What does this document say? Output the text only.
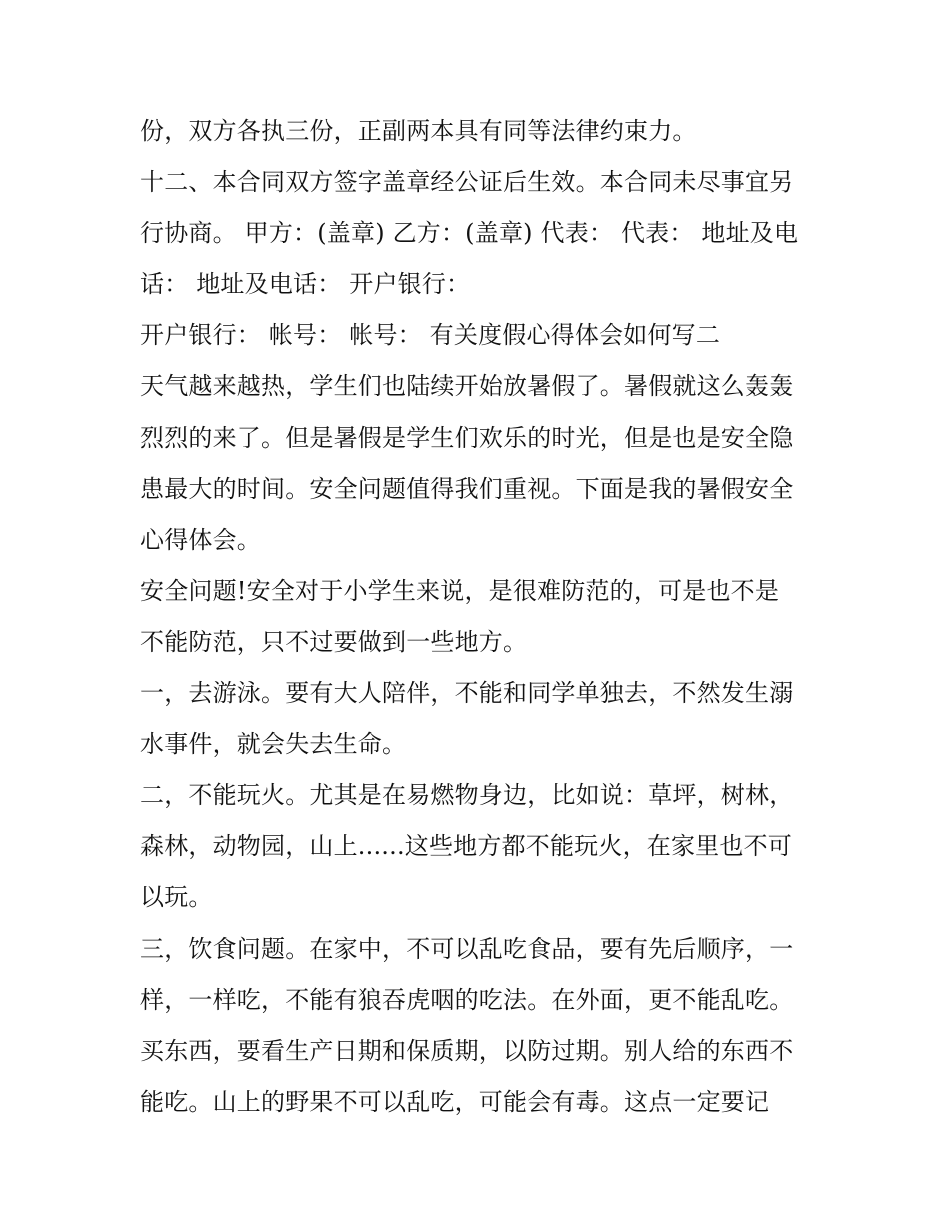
份，双方各执三份，正副两本具有同等法律约束力。
十二、本合同双方签字盖章经公证后生效。本合同未尽事宜另
行协商。 甲方：(盖章) 乙方：(盖章) 代表： 代表： 地址及电
话： 地址及电话： 开户银行：
开户银行： 帐号： 帐号： 有关度假心得体会如何写二
天气越来越热，学生们也陆续开始放暑假了。暑假就这么轰轰
烈烈的来了。但是暑假是学生们欢乐的时光，但是也是安全隐
患最大的时间。安全问题值得我们重视。下面是我的暑假安全
心得体会。
安全问题!安全对于小学生来说，是很难防范的，可是也不是
不能防范，只不过要做到一些地方。
一，去游泳。要有大人陪伴，不能和同学单独去，不然发生溺
水事件，就会失去生命。
二，不能玩火。尤其是在易燃物身边，比如说：草坪，树林，
森林，动物园，山上......这些地方都不能玩火，在家里也不可
以玩。
三，饮食问题。在家中，不可以乱吃食品，要有先后顺序，一
样，一样吃，不能有狼吞虎咽的吃法。在外面，更不能乱吃。
买东西，要看生产日期和保质期，以防过期。别人给的东西不
能吃。山上的野果不可以乱吃，可能会有毒。这点一定要记
